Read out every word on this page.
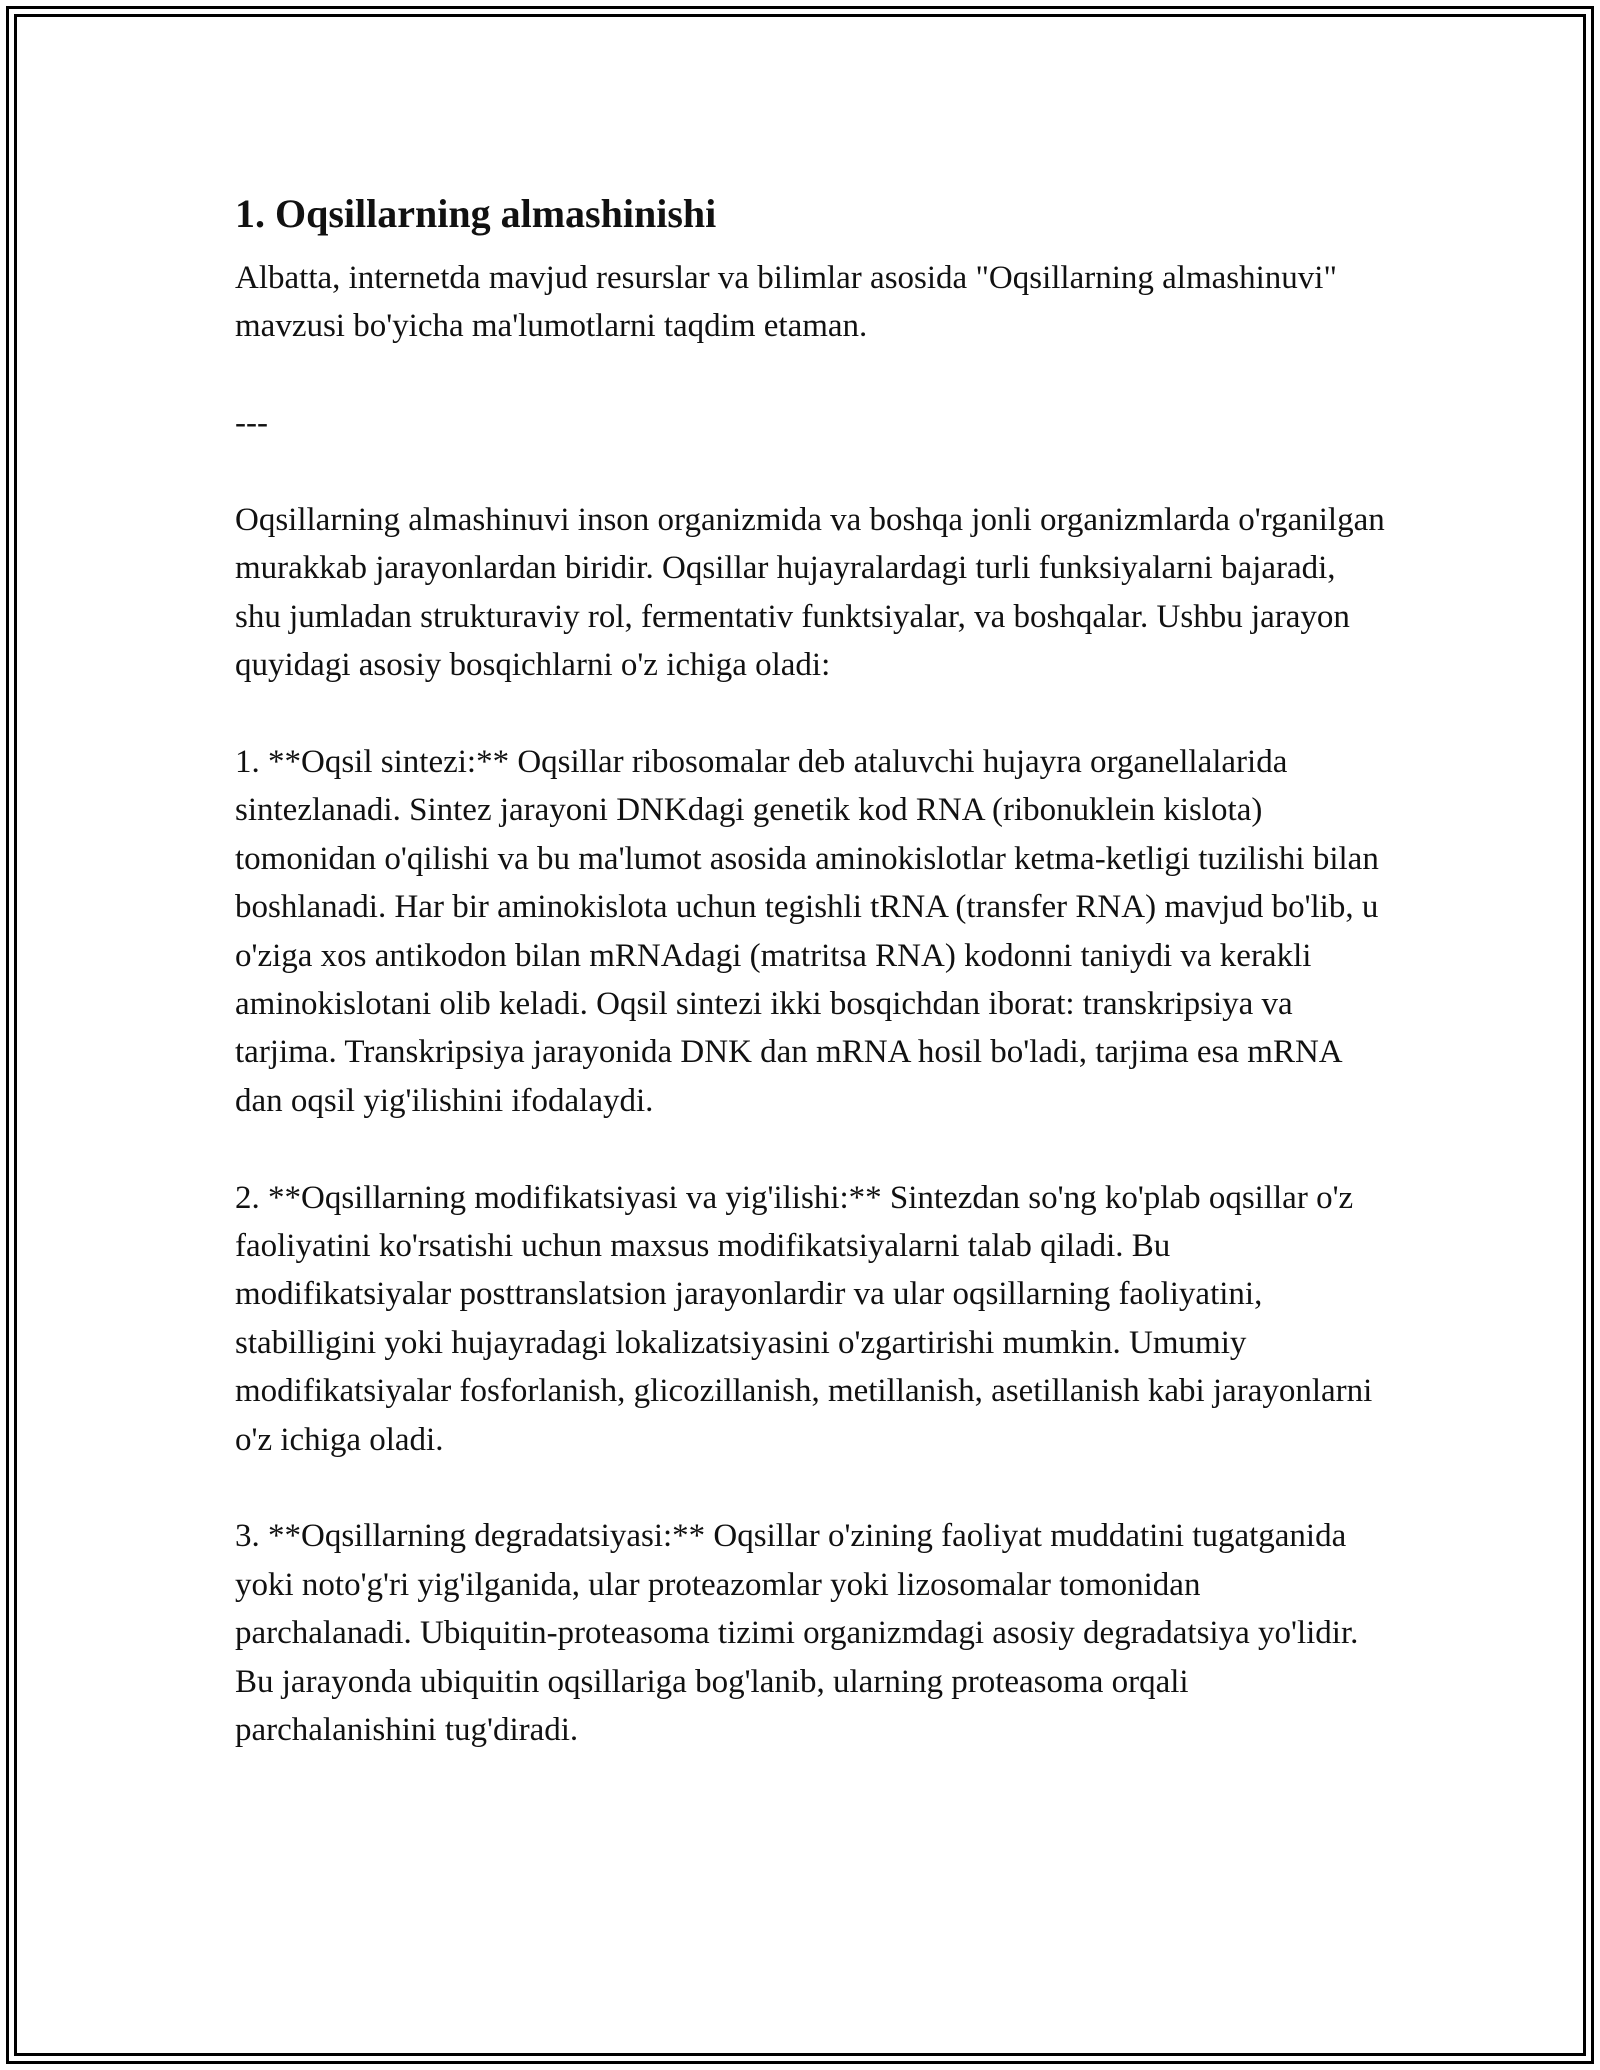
1. Oqsillarning almashinishi

Albatta, internetda mavjud resurslar va bilimlar asosida "Oqsillarning almashinuvi" mavzusi bo'yicha ma'lumotlarni taqdim etaman.

---

Oqsillarning almashinuvi inson organizmida va boshqa jonli organizmlarda o'rganilgan murakkab jarayonlardan biridir. Oqsillar hujayralardagi turli funksiyalarni bajaradi, shu jumladan strukturaviy rol, fermentativ funktsiyalar, va boshqalar. Ushbu jarayon quyidagi asosiy bosqichlarni o'z ichiga oladi:

1. **Oqsil sintezi:** Oqsillar ribosomalar deb ataluvchi hujayra organellalarida sintezlanadi. Sintez jarayoni DNKdagi genetik kod RNA (ribonuklein kislota) tomonidan o'qilishi va bu ma'lumot asosida aminokislotlar ketma-ketligi tuzilishi bilan boshlanadi. Har bir aminokislota uchun tegishli tRNA (transfer RNA) mavjud bo'lib, u o'ziga xos antikodon bilan mRNAdagi (matritsa RNA) kodonni taniydi va kerakli aminokislotani olib keladi. Oqsil sintezi ikki bosqichdan iborat: transkripsiya va tarjima. Transkripsiya jarayonida DNK dan mRNA hosil bo'ladi, tarjima esa mRNA dan oqsil yig'ilishini ifodalaydi.

2. **Oqsillarning modifikatsiyasi va yig'ilishi:** Sintezdan so'ng ko'plab oqsillar o'z faoliyatini ko'rsatishi uchun maxsus modifikatsiyalarni talab qiladi. Bu modifikatsiyalar posttranslatsion jarayonlardir va ular oqsillarning faoliyatini, stabilligini yoki hujayradagi lokalizatsiyasini o'zgartirishi mumkin. Umumiy modifikatsiyalar fosforlanish, glicozillanish, metillanish, asetillanish kabi jarayonlarni o'z ichiga oladi.

3. **Oqsillarning degradatsiyasi:** Oqsillar o'zining faoliyat muddatini tugatganida yoki noto'g'ri yig'ilganida, ular proteazomlar yoki lizosomalar tomonidan parchalanadi. Ubiquitin-proteasoma tizimi organizmdagi asosiy degradatsiya yo'lidir. Bu jarayonda ubiquitin oqsillariga bog'lanib, ularning proteasoma orqali parchalanishini tug'diradi.
